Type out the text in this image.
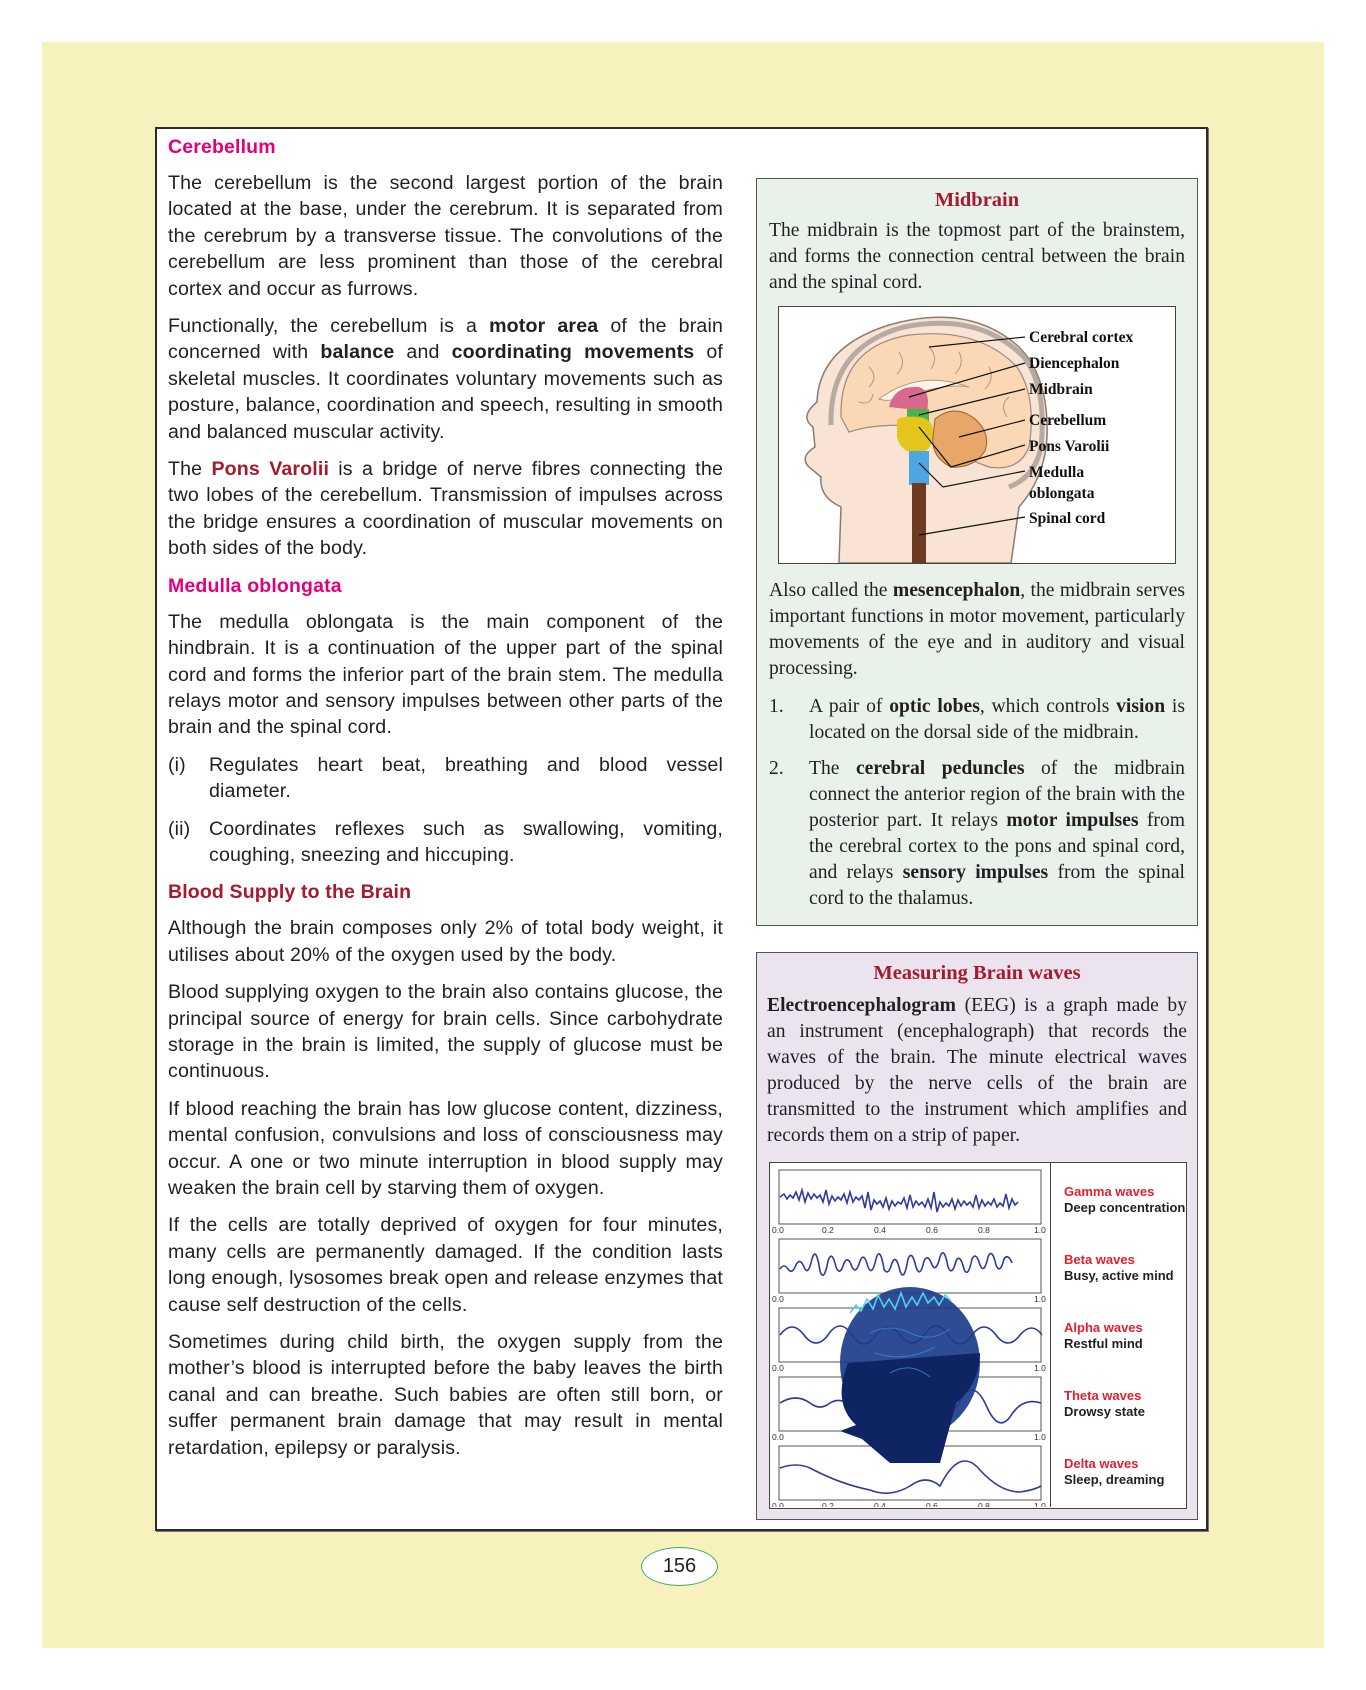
Cerebellum

The cerebellum is the second largest portion of the brain located at the base, under the cerebrum. It is separated from the cerebrum by a transverse tissue. The convolutions of the cerebellum are less prominent than those of the cerebral cortex and occur as furrows.

Functionally, the cerebellum is a motor area of the brain concerned with balance and coordinating movements of skeletal muscles. It coordinates voluntary movements such as posture, balance, coordination and speech, resulting in smooth and balanced muscular activity.

The Pons Varolii is a bridge of nerve fibres connecting the two lobes of the cerebellum. Transmission of impulses across the bridge ensures a coordination of muscular movements on both sides of the body.

Medulla oblongata

The medulla oblongata is the main component of the hindbrain. It is a continuation of the upper part of the spinal cord and forms the inferior part of the brain stem. The medulla relays motor and sensory impulses between other parts of the brain and the spinal cord.

(i)	Regulates heart beat, breathing and blood vessel diameter.
(ii) Coordinates reflexes such as swallowing, vomiting, coughing, sneezing and hiccuping.
Blood Supply to the Brain

Although the brain composes only 2% of total body weight, it utilises about 20% of the oxygen used by the body.

Blood supplying oxygen to the brain also contains glucose, the principal source of energy for brain cells. Since carbohydrate storage in the brain is limited, the supply of glucose must be continuous.

If blood reaching the brain has low glucose content, dizziness, mental confusion, convulsions and loss of consciousness may occur. A one or two minute interruption in blood supply may weaken the brain cell by starving them of oxygen.

If the cells are totally deprived of oxygen for four minutes, many cells are permanently damaged. If the condition lasts long enough, lysosomes break open and release enzymes that cause self destruction of the cells.

Sometimes during child birth, the oxygen supply from the mother’s blood is interrupted before the baby leaves the birth canal and can breathe. Such babies are often still born, or suffer permanent brain damage that may result in mental retardation, epilepsy or paralysis.

Midbrain

The midbrain is the topmost part of the brainstem, and forms the connection central between the brain and the spinal cord.

Cerebral cortex
Diencephalon
Midbrain
Cerebellum
Pons Varolii
Medulla
oblongata
Spinal cord

Also called the mesencephalon, the midbrain serves important functions in motor movement, particularly movements of the eye and in auditory and visual processing.

1.	A pair of optic lobes, which controls vision is located on the dorsal side of the midbrain.
2.	The cerebral peduncles of the midbrain connect the anterior region of the brain with the posterior part. It relays motor impulses from the cerebral cortex to the pons and spinal cord, and relays sensory impulses from the spinal cord to the thalamus.
Measuring Brain waves

Electroencephalogram (EEG) is a graph made by an instrument (encephalograph) that records the waves of the brain. The minute electrical waves produced by the nerve cells of the brain are transmitted to the instrument which amplifies and records them on a strip of paper.

0.0	0.2	0.4	0.6	0.8	1.0
0.0	1.0
0.0	1.0
0.0	1.0
0.0	0.2	0.4	0.6	0.8	1.0
Gamma waves
Deep concentration
Beta waves
Busy, active mind
Alpha waves
Restful mind
Theta waves
Drowsy state
Delta waves
Sleep, dreaming
156
